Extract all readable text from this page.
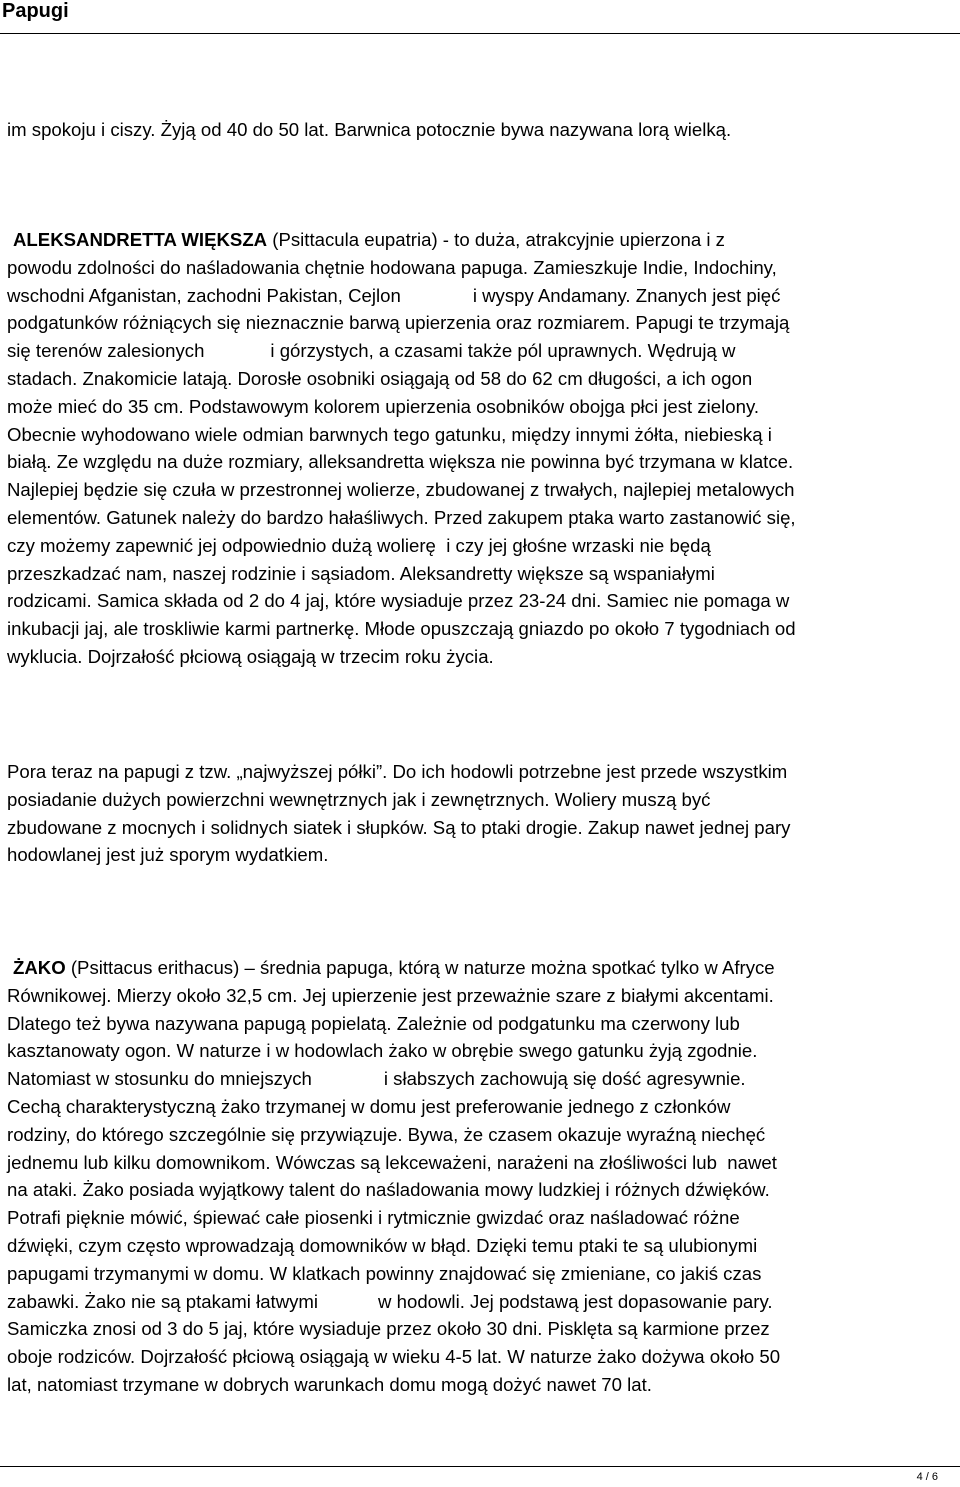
Papugi
im spokoju i ciszy. Żyją od 40 do 50 lat. Barwnica potocznie bywa nazywana lorą wielką.
ALEKSANDRETTA WIĘKSZA (Psittacula eupatria) - to duża, atrakcyjnie upierzona i z
powodu zdolności do naśladowania chętnie hodowana papuga. Zamieszkuje Indie, Indochiny,
wschodni Afganistan, zachodni Pakistan, Cejlon	i wyspy Andamany. Znanych jest pięć
podgatunków różniących się nieznacznie barwą upierzenia oraz rozmiarem. Papugi te trzymają
się terenów zalesionych	i górzystych, a czasami także pól uprawnych. Wędrują w
stadach. Znakomicie latają. Dorosłe osobniki osiągają od 58 do 62 cm długości, a ich ogon
może mieć do 35 cm. Podstawowym kolorem upierzenia osobników obojga płci jest zielony.
Obecnie wyhodowano wiele odmian barwnych tego gatunku, między innymi żółta, niebieską i
białą. Ze względu na duże rozmiary, alleksandretta większa nie powinna być trzymana w klatce.
Najlepiej będzie się czuła w przestronnej wolierze, zbudowanej z trwałych, najlepiej metalowych
elementów. Gatunek należy do bardzo hałaśliwych. Przed zakupem ptaka warto zastanowić się,
czy możemy zapewnić jej odpowiednio dużą wolierę  i czy jej głośne wrzaski nie będą
przeszkadzać nam, naszej rodzinie i sąsiadom. Aleksandretty większe są wspaniałymi
rodzicami. Samica składa od 2 do 4 jaj, które wysiaduje przez 23-24 dni. Samiec nie pomaga w
inkubacji jaj, ale troskliwie karmi partnerkę. Młode opuszczają gniazdo po około 7 tygodniach od
wyklucia. Dojrzałość płciową osiągają w trzecim roku życia.
Pora teraz na papugi z tzw. „najwyższej półki”. Do ich hodowli potrzebne jest przede wszystkim
posiadanie dużych powierzchni wewnętrznych jak i zewnętrznych. Woliery muszą być
zbudowane z mocnych i solidnych siatek i słupków. Są to ptaki drogie. Zakup nawet jednej pary
hodowlanej jest już sporym wydatkiem.
ŻAKO (Psittacus erithacus) – średnia papuga, którą w naturze można spotkać tylko w Afryce
Równikowej. Mierzy około 32,5 cm. Jej upierzenie jest przeważnie szare z białymi akcentami.
Dlatego też bywa nazywana papugą popielatą. Zależnie od podgatunku ma czerwony lub
kasztanowaty ogon. W naturze i w hodowlach żako w obrębie swego gatunku żyją zgodnie.
Natomiast w stosunku do mniejszych	i słabszych zachowują się dość agresywnie.
Cechą charakterystyczną żako trzymanej w domu jest preferowanie jednego z członków
rodziny, do którego szczególnie się przywiązuje. Bywa, że czasem okazuje wyraźną niechęć
jednemu lub kilku domownikom. Wówczas są lekceważeni, narażeni na złośliwości lub  nawet
na ataki. Żako posiada wyjątkowy talent do naśladowania mowy ludzkiej i różnych dźwięków.
Potrafi pięknie mówić, śpiewać całe piosenki i rytmicznie gwizdać oraz naśladować różne
dźwięki, czym często wprowadzają domowników w błąd. Dzięki temu ptaki te są ulubionymi
papugami trzymanymi w domu. W klatkach powinny znajdować się zmieniane, co jakiś czas
zabawki. Żako nie są ptakami łatwymi	w hodowli. Jej podstawą jest dopasowanie pary.
Samiczka znosi od 3 do 5 jaj, które wysiaduje przez około 30 dni. Pisklęta są karmione przez
oboje rodziców. Dojrzałość płciową osiągają w wieku 4-5 lat. W naturze żako dożywa około 50
lat, natomiast trzymane w dobrych warunkach domu mogą dożyć nawet 70 lat.
4 / 6
